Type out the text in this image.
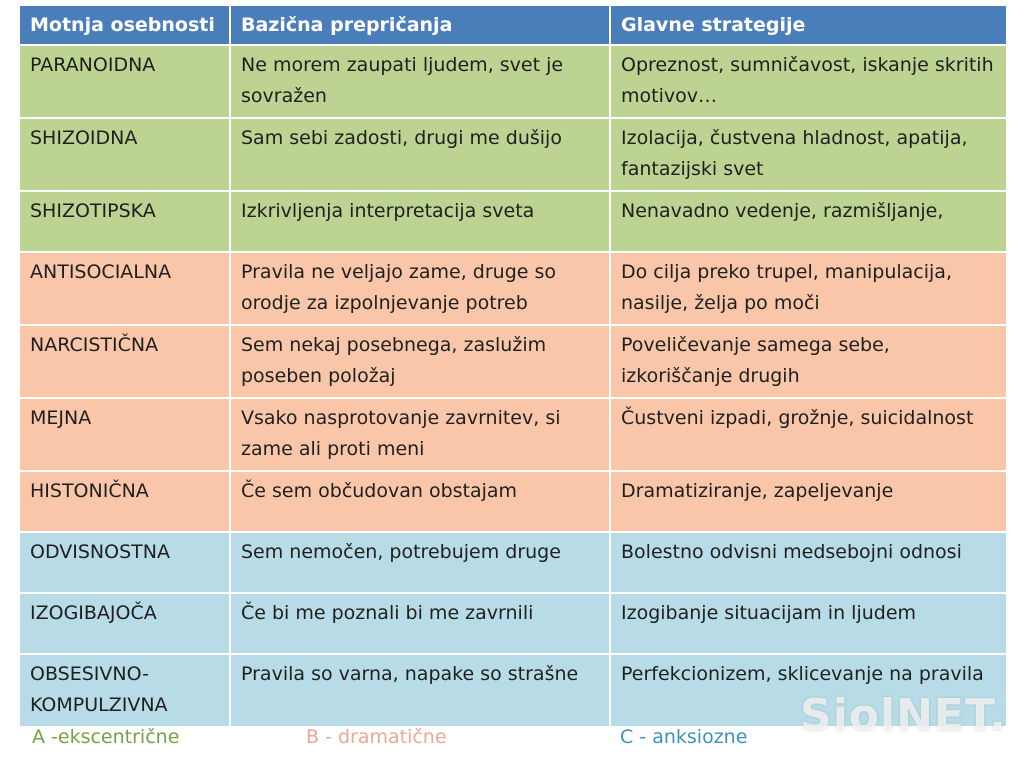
Motnja osebnosti	Bazična prepričanja	Glavne strategije
PARANOIDNA	Ne morem zaupati ljudem, svet je sovražen	Opreznost, sumničavost, iskanje skritih motivov…
SHIZOIDNA	Sam sebi zadosti, drugi me dušijo	Izolacija, čustvena hladnost, apatija, fantazijski svet
SHIZOTIPSKA	Izkrivljenja interpretacija sveta	Nenavadno vedenje, razmišljanje,
ANTISOCIALNA	Pravila ne veljajo zame, druge so orodje za izpolnjevanje potreb	Do cilja preko trupel, manipulacija, nasilje, želja po moči
NARCISTIČNA	Sem nekaj posebnega, zaslužim poseben položaj	Poveličevanje samega sebe, izkoriščanje drugih
MEJNA	Vsako nasprotovanje zavrnitev, si zame ali proti meni	Čustveni izpadi, grožnje, suicidalnost
HISTONIČNA	Če sem občudovan obstajam	Dramatiziranje, zapeljevanje
ODVISNOSTNA	Sem nemočen, potrebujem druge	Bolestno odvisni medsebojni odnosi
IZOGIBAJOČA	Če bi me poznali bi me zavrnili	Izogibanje situacijam in ljudem
OBSESIVNO-KOMPULZIVNA	Pravila so varna, napake so strašne	Perfekcionizem, sklicevanje na pravila
A -ekscentrične	B - dramatične	C - anksiozne SiolNET.
